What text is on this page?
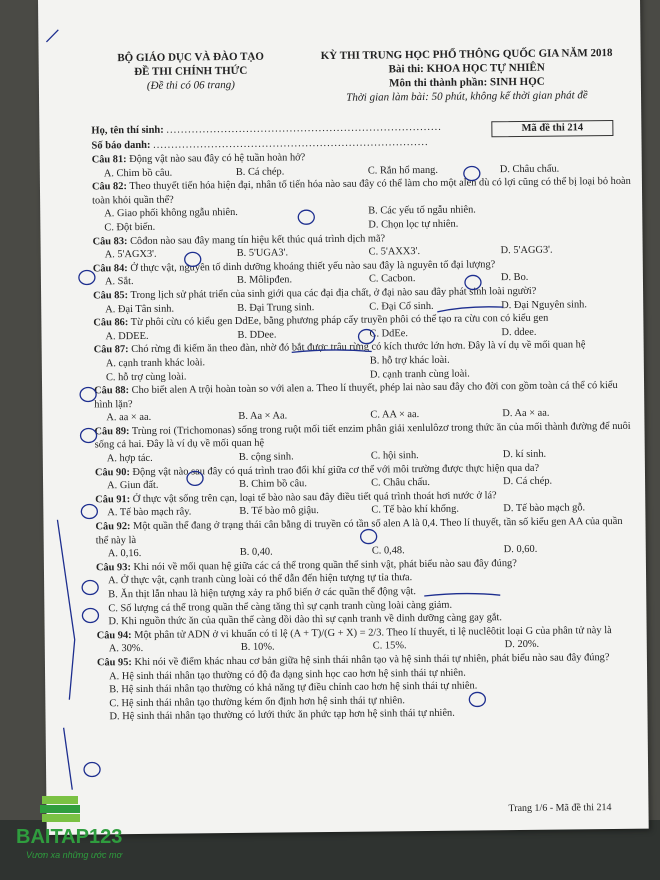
BỘ GIÁO DỤC VÀ ĐÀO TẠO
ĐỀ THI CHÍNH THỨC
(Đề thi có 06 trang)
KỲ THI TRUNG HỌC PHỔ THÔNG QUỐC GIA NĂM 2018
Bài thi: KHOA HỌC TỰ NHIÊN
Môn thi thành phần: SINH HỌC
Thời gian làm bài: 50 phút, không kể thời gian phát đề
Họ, tên thí sinh: ............................................................................
Số báo danh: ............................................................................
Mã đề thi 214
Câu 81: Động vật nào sau đây có hệ tuần hoàn hở?
A. Chim bồ câu.	B. Cá chép.	C. Rắn hổ mang.	D. Châu chấu.
Câu 82: Theo thuyết tiến hóa hiện đại, nhân tố tiến hóa nào sau đây có thể làm cho một alen dù có lợi cũng có thể bị loại bỏ hoàn toàn khỏi quần thể?
A. Giao phối không ngẫu nhiên.	B. Các yếu tố ngẫu nhiên.
C. Đột biến.	D. Chọn lọc tự nhiên.
Câu 83: Côđon nào sau đây mang tín hiệu kết thúc quá trình dịch mã?
A. 5'AGX3'.	B. 5'UGA3'.	C. 5'AXX3'.	D. 5'AGG3'.
Câu 84: Ở thực vật, nguyên tố dinh dưỡng khoáng thiết yếu nào sau đây là nguyên tố đại lượng?
A. Sắt.	B. Môlipđen.	C. Cacbon.	D. Bo.
Câu 85: Trong lịch sử phát triển của sinh giới qua các đại địa chất, ở đại nào sau đây phát sinh loài người?
A. Đại Tân sinh.	B. Đại Trung sinh.	C. Đại Cổ sinh.	D. Đại Nguyên sinh.
Câu 86: Từ phôi cừu có kiểu gen DdEe, bằng phương pháp cấy truyền phôi có thể tạo ra cừu con có kiểu gen
A. DDEE.	B. DDee.	C. DdEe.	D. ddee.
Câu 87: Chó rừng đi kiếm ăn theo đàn, nhờ đó bắt được trâu rừng có kích thước lớn hơn. Đây là ví dụ về mối quan hệ
A. cạnh tranh khác loài.	B. hỗ trợ khác loài.
C. hỗ trợ cùng loài.	D. cạnh tranh cùng loài.
Câu 88: Cho biết alen A trội hoàn toàn so với alen a. Theo lí thuyết, phép lai nào sau đây cho đời con gồm toàn cá thể có kiểu hình lặn?
A. aa × aa.	B. Aa × Aa.	C. AA × aa.	D. Aa × aa.
Câu 89: Trùng roi (Trichomonas) sống trong ruột mối tiết enzim phân giải xenlulôzơ trong thức ăn của mối thành đường để nuôi sống cả hai. Đây là ví dụ về mối quan hệ
A. hợp tác.	B. cộng sinh.	C. hội sinh.	D. kí sinh.
Câu 90: Động vật nào sau đây có quá trình trao đổi khí giữa cơ thể với môi trường được thực hiện qua da?
A. Giun đất.	B. Chim bồ câu.	C. Châu chấu.	D. Cá chép.
Câu 91: Ở thực vật sống trên cạn, loại tế bào nào sau đây điều tiết quá trình thoát hơi nước ở lá?
A. Tế bào mạch rây.	B. Tế bào mô giậu.	C. Tế bào khí khổng.	D. Tế bào mạch gỗ.
Câu 92: Một quần thể đang ở trạng thái cân bằng di truyền có tần số alen A là 0,4. Theo lí thuyết, tần số kiểu gen AA của quần thể này là
A. 0,16.	B. 0,40.	C. 0,48.	D. 0,60.
Câu 93: Khi nói về mối quan hệ giữa các cá thể trong quần thể sinh vật, phát biểu nào sau đây đúng?
A. Ở thực vật, cạnh tranh cùng loài có thể dẫn đến hiện tượng tự tỉa thưa.
B. Ăn thịt lẫn nhau là hiện tượng xảy ra phổ biến ở các quần thể động vật.
C. Số lượng cá thể trong quần thể càng tăng thì sự cạnh tranh cùng loài càng giảm.
D. Khi nguồn thức ăn của quần thể càng dồi dào thì sự cạnh tranh về dinh dưỡng càng gay gắt.
Câu 94: Một phân tử ADN ở vi khuẩn có tỉ lệ (A + T)/(G + X) = 2/3. Theo lí thuyết, tỉ lệ nuclêôtit loại G của phân tử này là
A. 30%.	B. 10%.	C. 15%.	D. 20%.
Câu 95: Khi nói về điểm khác nhau cơ bản giữa hệ sinh thái nhân tạo và hệ sinh thái tự nhiên, phát biểu nào sau đây đúng?
A. Hệ sinh thái nhân tạo thường có độ đa dạng sinh học cao hơn hệ sinh thái tự nhiên.
B. Hệ sinh thái nhân tạo thường có khả năng tự điều chỉnh cao hơn hệ sinh thái tự nhiên.
C. Hệ sinh thái nhân tạo thường kém ổn định hơn hệ sinh thái tự nhiên.
D. Hệ sinh thái nhân tạo thường có lưới thức ăn phức tạp hơn hệ sinh thái tự nhiên.
Trang 1/6 - Mã đề thi 214
BAITAP123
Vươn xa những ước mơ
